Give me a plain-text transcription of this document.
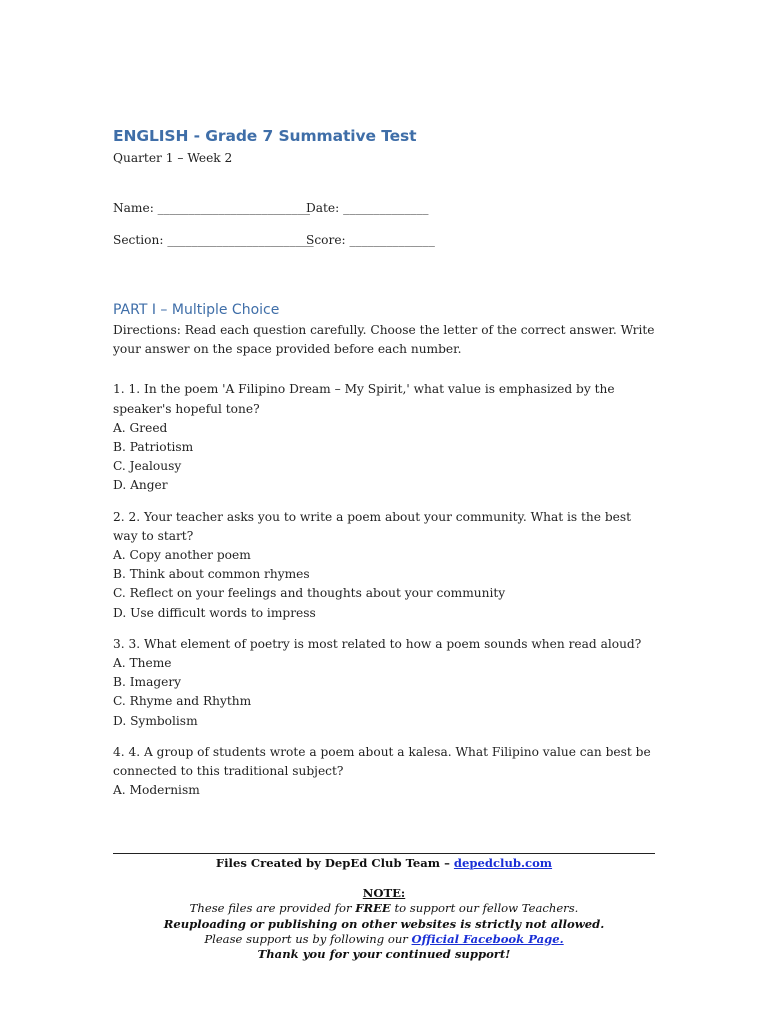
ENGLISH - Grade 7 Summative Test
Quarter 1 – Week 2
Name: _________________________
Date: ______________
Section: ________________________
Score: ______________
PART I – Multiple Choice
Directions: Read each question carefully. Choose the letter of the correct answer. Write your answer on the space provided before each number.
1. 1. In the poem 'A Filipino Dream – My Spirit,' what value is emphasized by the speaker's hopeful tone?
A. Greed
B. Patriotism
C. Jealousy
D. Anger
2. 2. Your teacher asks you to write a poem about your community. What is the best way to start?
A. Copy another poem
B. Think about common rhymes
C. Reflect on your feelings and thoughts about your community
D. Use difficult words to impress
3. 3. What element of poetry is most related to how a poem sounds when read aloud?
A. Theme
B. Imagery
C. Rhyme and Rhythm
D. Symbolism
4. 4. A group of students wrote a poem about a kalesa. What Filipino value can best be connected to this traditional subject?
A. Modernism
Files Created by DepEd Club Team – depedclub.com
NOTE:
These files are provided for FREE to support our fellow Teachers.
Reuploading or publishing on other websites is strictly not allowed.
Please support us by following our Official Facebook Page.
Thank you for your continued support!
